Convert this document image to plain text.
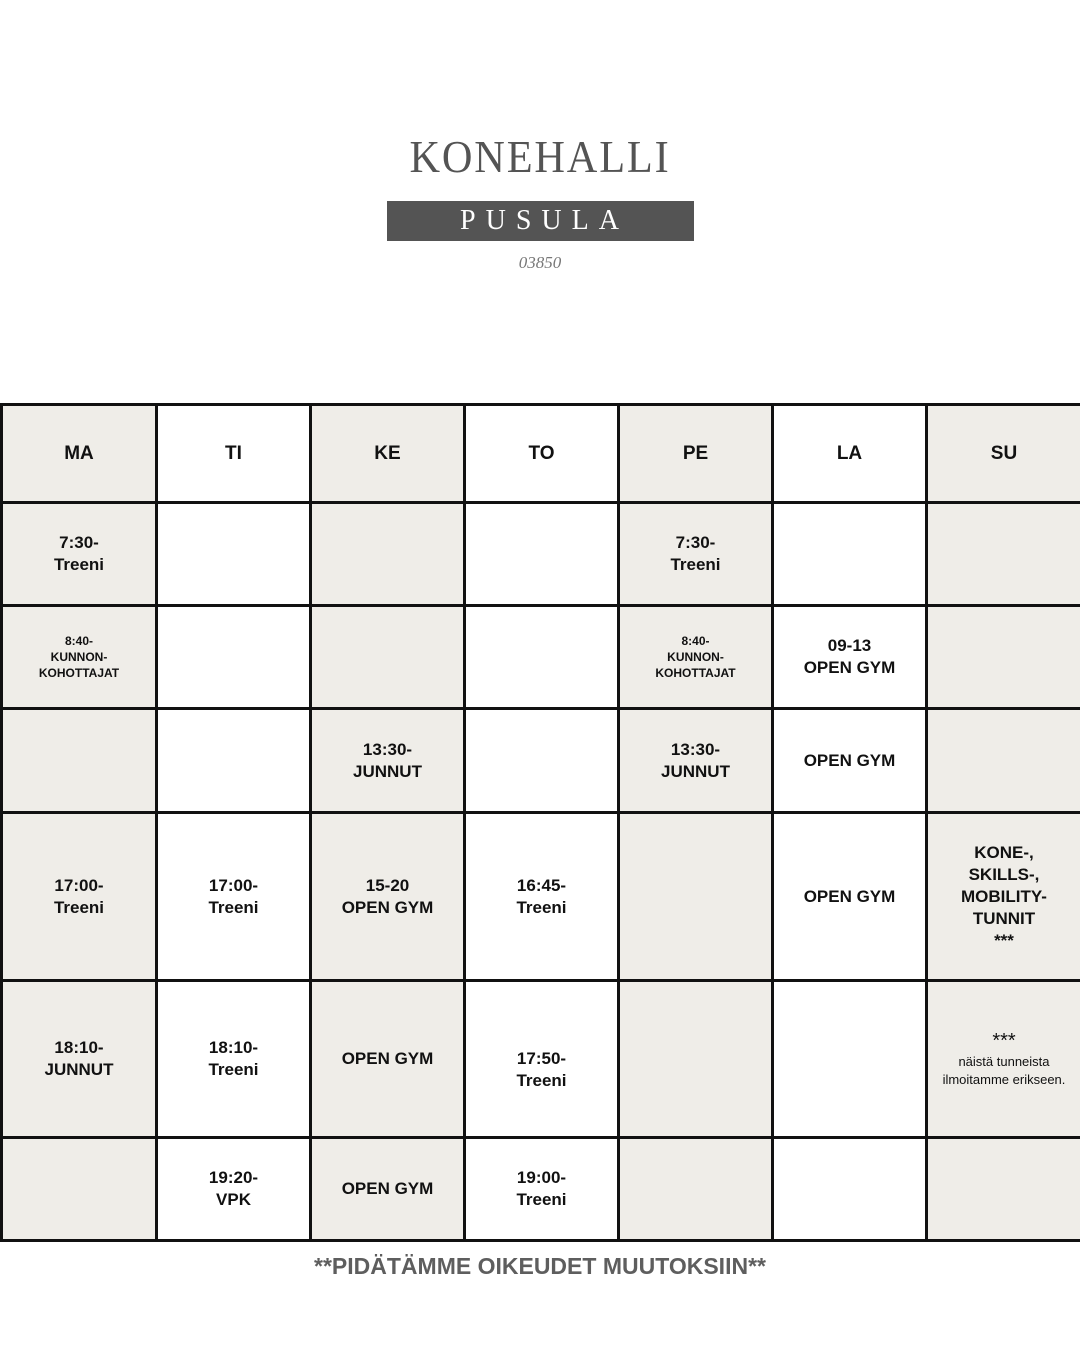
KONEHALLI
PUSULA
03850
MA	TI	KE	TO	PE	LA	SU

7:30-
Treeni				7:30-
Treeni		

8:40-
KUNNON-
KOHOTTAJAT				8:40-
KUNNON-
KOHOTTAJAT	09-13
OPEN GYM	

		13:30-
JUNNUT		13:30-
JUNNUT	OPEN GYM	

17:00-
Treeni	17:00-
Treeni	15-20
OPEN GYM	16:45-
Treeni		OPEN GYM	KONE-,
SKILLS-,
MOBILITY-
TUNNIT
***

18:10-
JUNNUT	18:10-
Treeni	OPEN GYM	17:50-
Treeni			***
näistä tunneista ilmoitamme erikseen.

	19:20-
VPK	OPEN GYM	19:00-
Treeni			

**PIDÄTÄMME OIKEUDET MUUTOKSIIN**
